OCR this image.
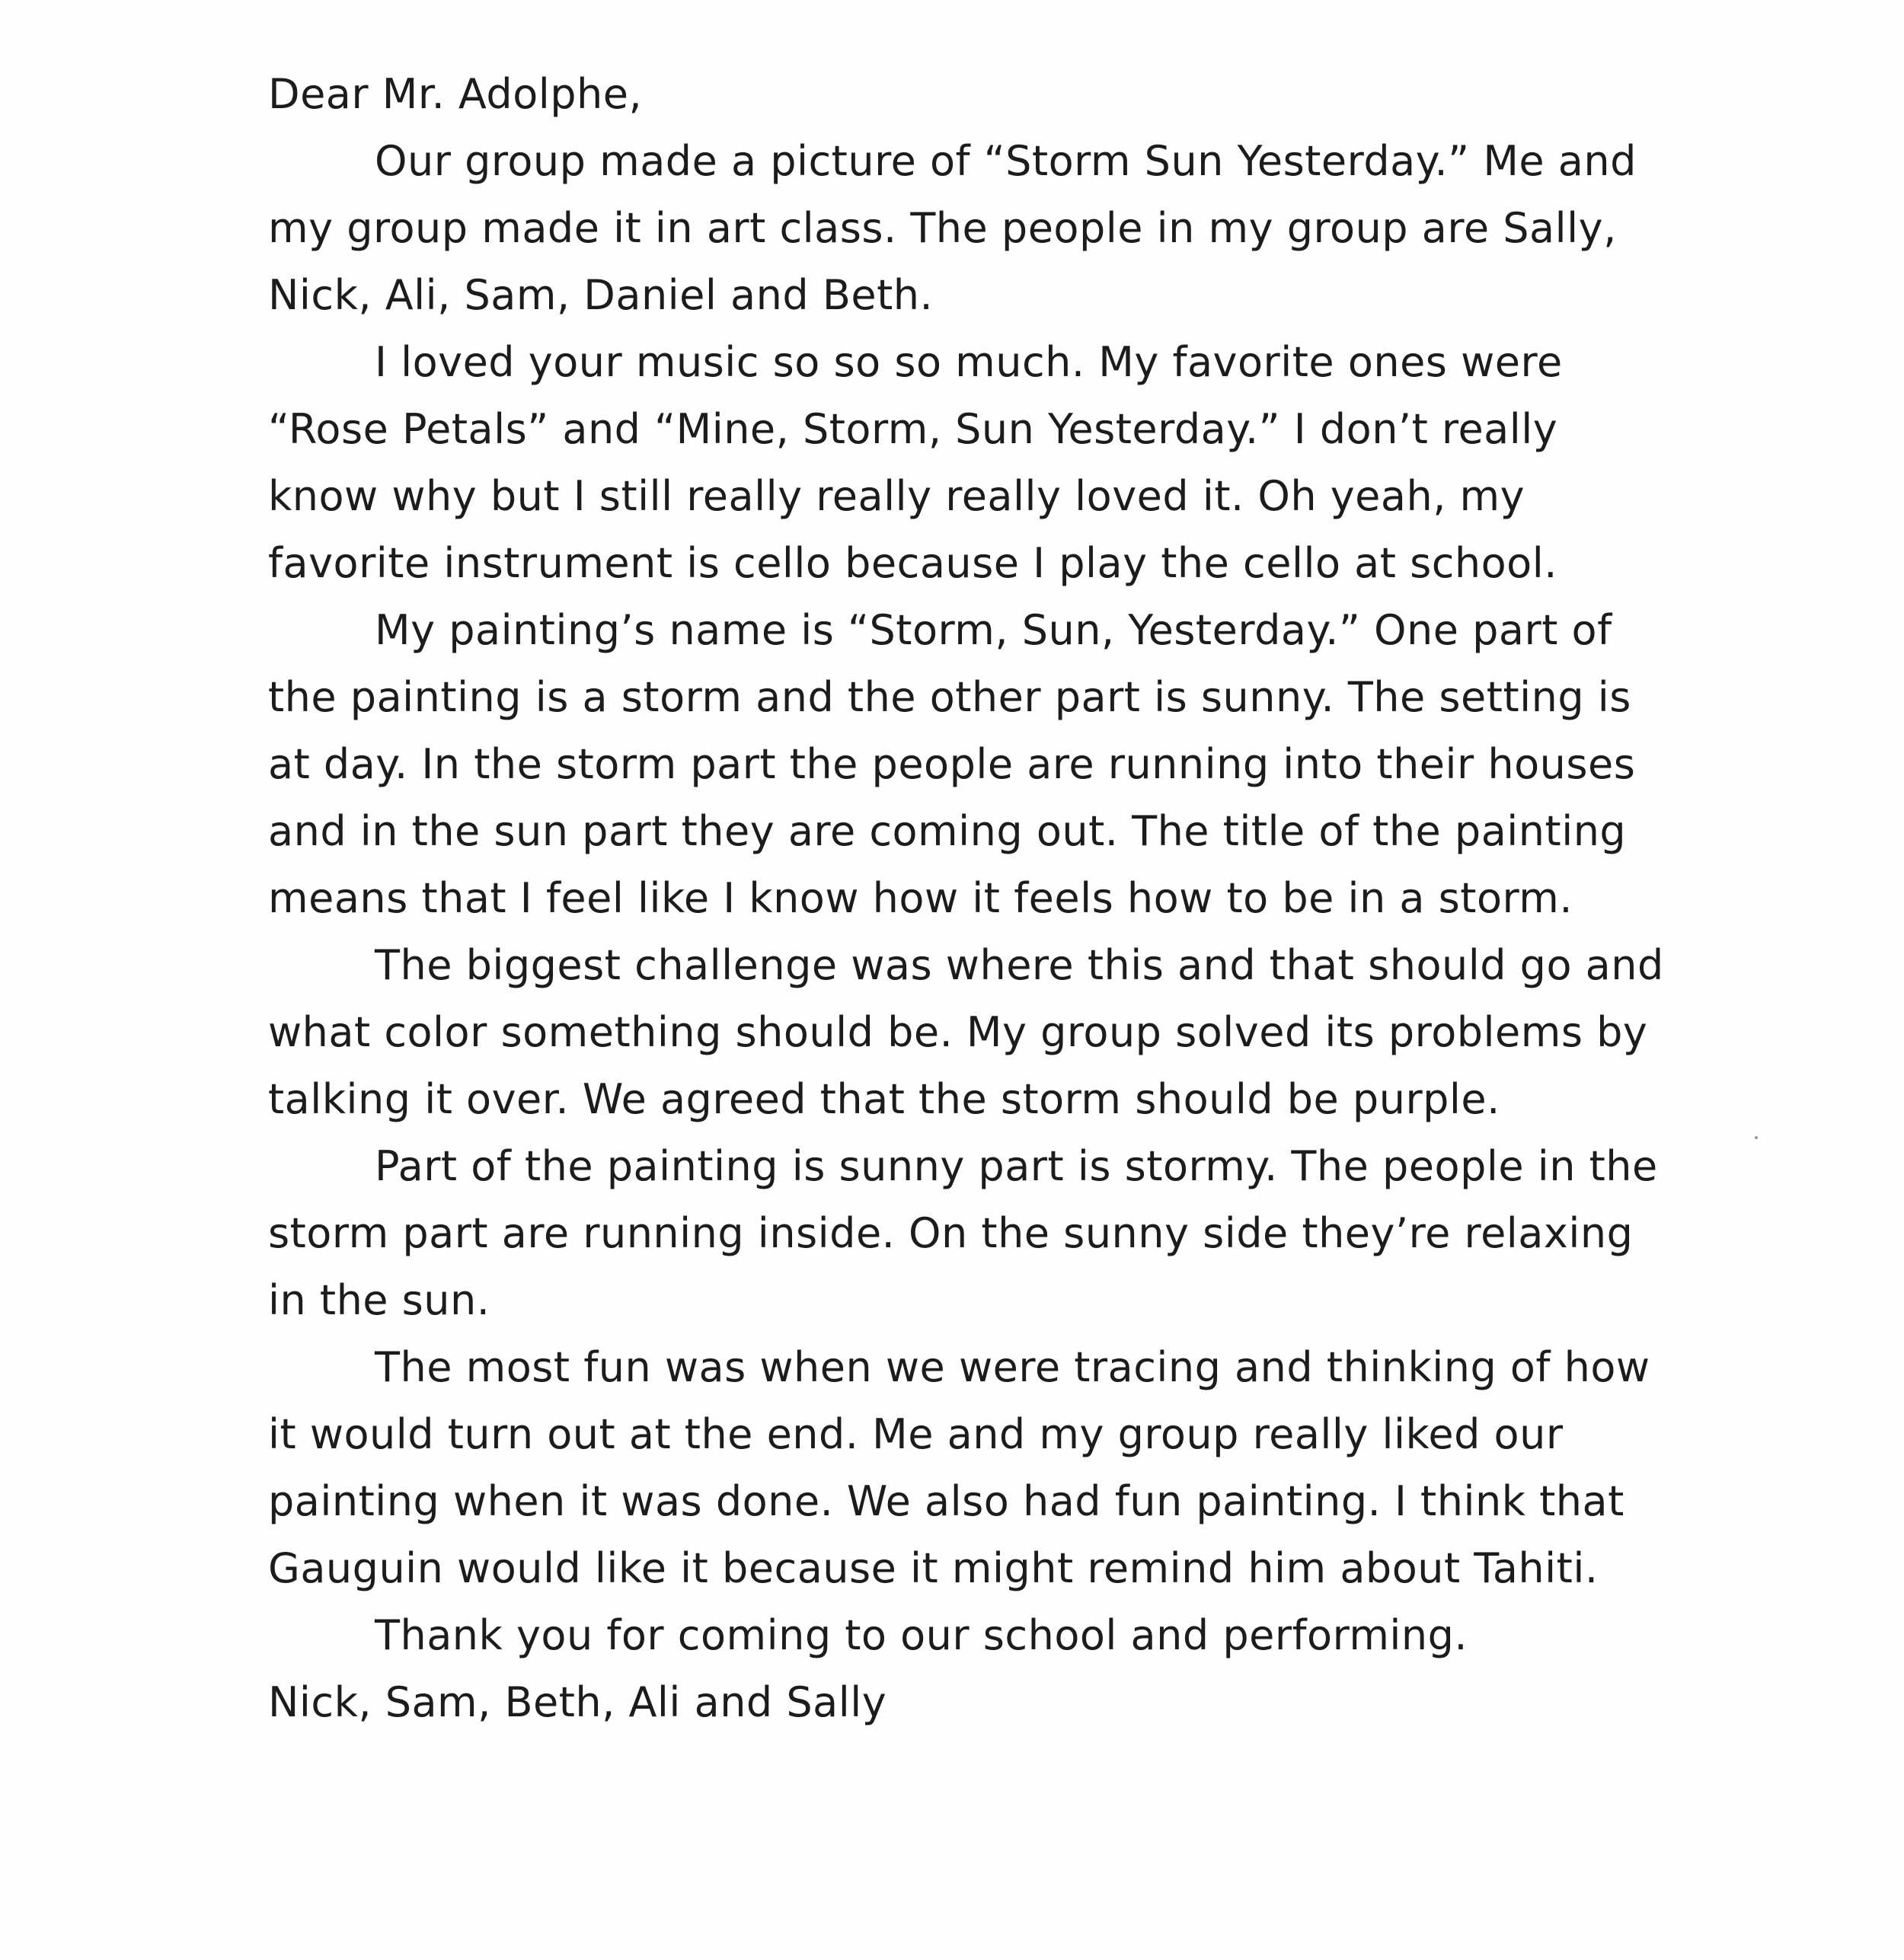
Dear Mr. Adolphe,

Our group made a picture of “Storm Sun Yesterday.” Me and my group made it in art class. The people in my group are Sally, Nick, Ali, Sam, Daniel and Beth.

I loved your music so so so much. My favorite ones were “Rose Petals” and “Mine, Storm, Sun Yesterday.” I don’t really know why but I still really really really loved it. Oh yeah, my favorite instrument is cello because I play the cello at school.

My painting’s name is “Storm, Sun, Yesterday.” One part of the painting is a storm and the other part is sunny. The setting is at day. In the storm part the people are running into their houses and in the sun part they are coming out. The title of the painting means that I feel like I know how it feels how to be in a storm.

The biggest challenge was where this and that should go and what color something should be. My group solved its problems by talking it over. We agreed that the storm should be purple.

Part of the painting is sunny part is stormy. The people in the storm part are running inside. On the sunny side they’re relaxing in the sun.

The most fun was when we were tracing and thinking of how it would turn out at the end. Me and my group really liked our painting when it was done. We also had fun painting. I think that Gauguin would like it because it might remind him about Tahiti.

Thank you for coming to our school and performing.

Nick, Sam, Beth, Ali and Sally
